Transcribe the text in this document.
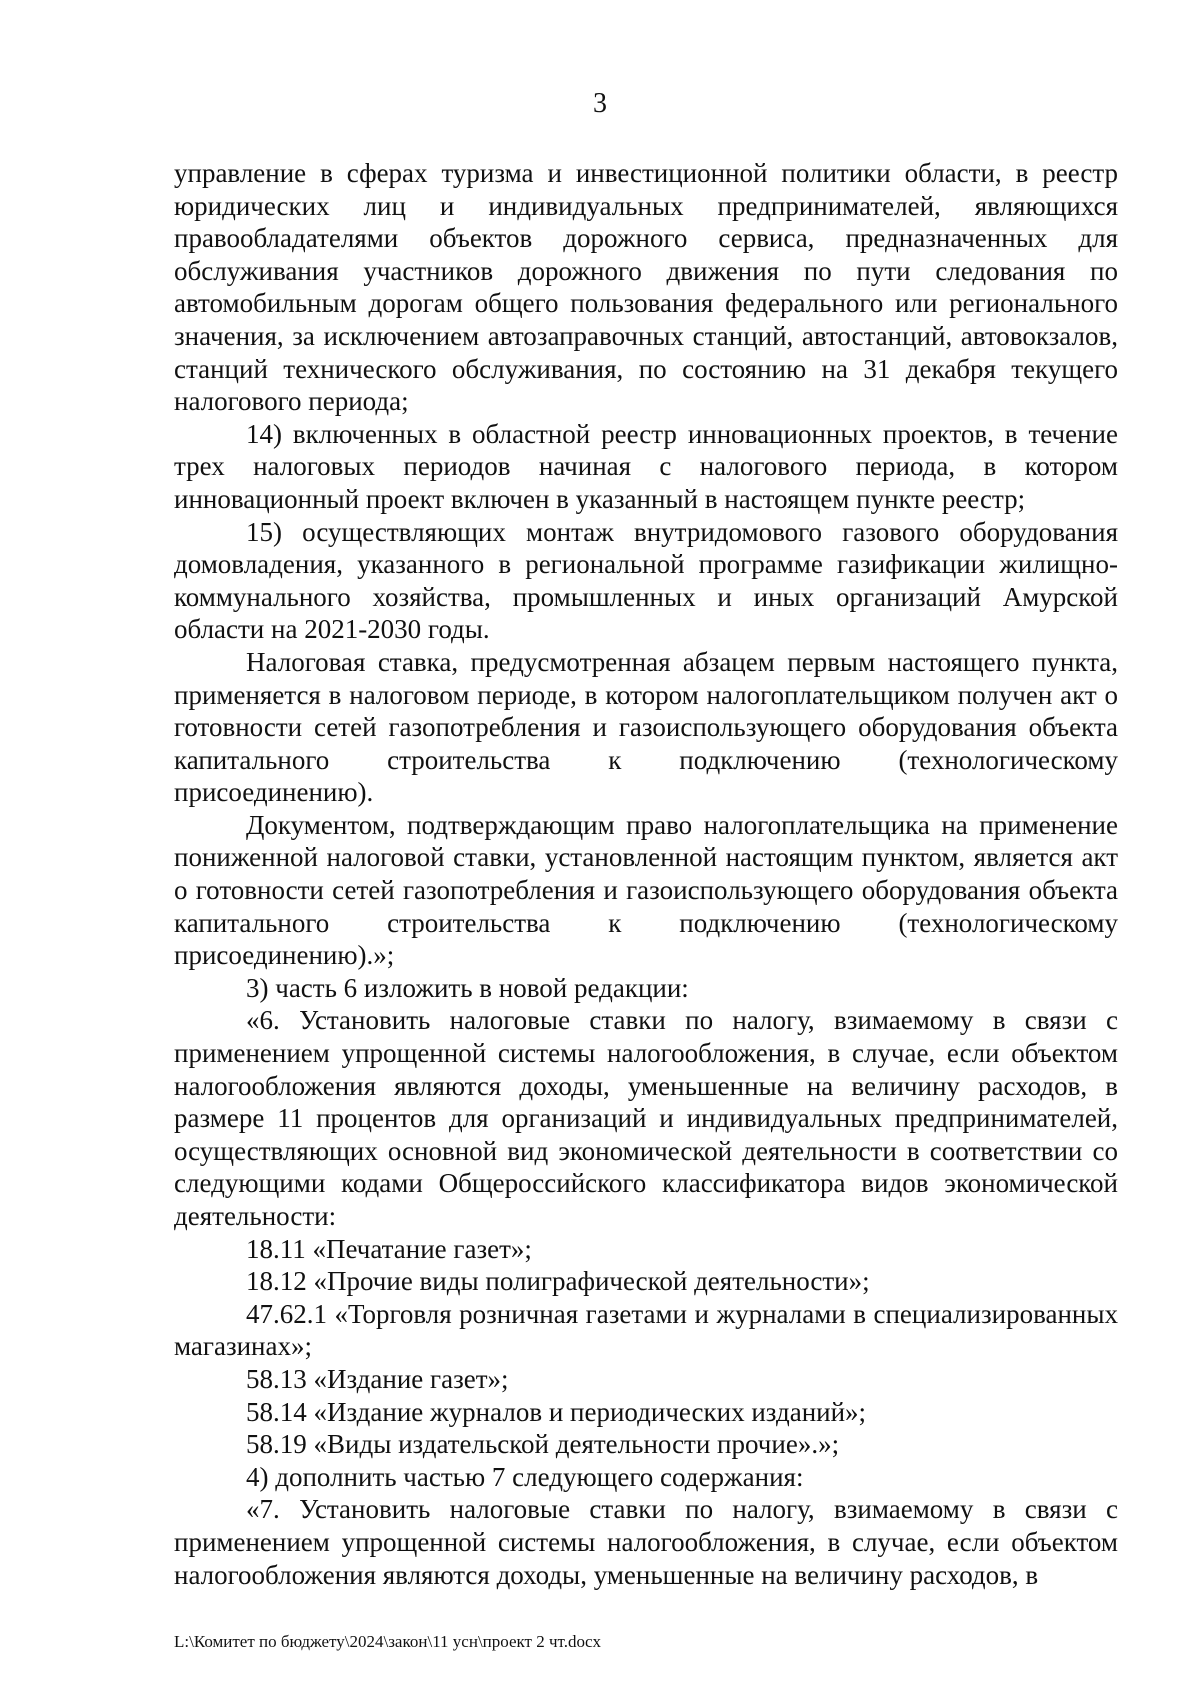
3

управление в сферах туризма и инвестиционной политики области, в реестр юридических лиц и индивидуальных предпринимателей, являющихся правообладателями объектов дорожного сервиса, предназначенных для обслуживания участников дорожного движения по пути следования по автомобильным дорогам общего пользования федерального или регионального значения, за исключением автозаправочных станций, автостанций, автовокзалов, станций технического обслуживания, по состоянию на 31 декабря текущего налогового периода;

14) включенных в областной реестр инновационных проектов, в течение трех налоговых периодов начиная с налогового периода, в котором инновационный проект включен в указанный в настоящем пункте реестр;

15) осуществляющих монтаж внутридомового газового оборудования домовладения, указанного в региональной программе газификации жилищно-коммунального хозяйства, промышленных и иных организаций Амурской области на 2021-2030 годы.

Налоговая ставка, предусмотренная абзацем первым настоящего пункта, применяется в налоговом периоде, в котором налогоплательщиком получен акт о готовности сетей газопотребления и газоиспользующего оборудования объекта капитального строительства к подключению (технологическому присоединению).

Документом, подтверждающим право налогоплательщика на применение пониженной налоговой ставки, установленной настоящим пунктом, является акт о готовности сетей газопотребления и газоиспользующего оборудования объекта капитального строительства к подключению (технологическому присоединению).»;

3) часть 6 изложить в новой редакции:

«6. Установить налоговые ставки по налогу, взимаемому в связи с применением упрощенной системы налогообложения, в случае, если объектом налогообложения являются доходы, уменьшенные на величину расходов, в размере 11 процентов для организаций и индивидуальных предпринимателей, осуществляющих основной вид экономической деятельности в соответствии со следующими кодами Общероссийского классификатора видов экономической деятельности:

18.11 «Печатание газет»;

18.12 «Прочие виды полиграфической деятельности»;

47.62.1 «Торговля розничная газетами и журналами в специализированных магазинах»;

58.13 «Издание газет»;

58.14 «Издание журналов и периодических изданий»;

58.19 «Виды издательской деятельности прочие».»;

4) дополнить частью 7 следующего содержания:

«7. Установить налоговые ставки по налогу, взимаемому в связи с применением упрощенной системы налогообложения, в случае, если объектом налогообложения являются доходы, уменьшенные на величину расходов, в

L:\Комитет по бюджету\2024\закон\11 усн\проект 2 чт.docx
